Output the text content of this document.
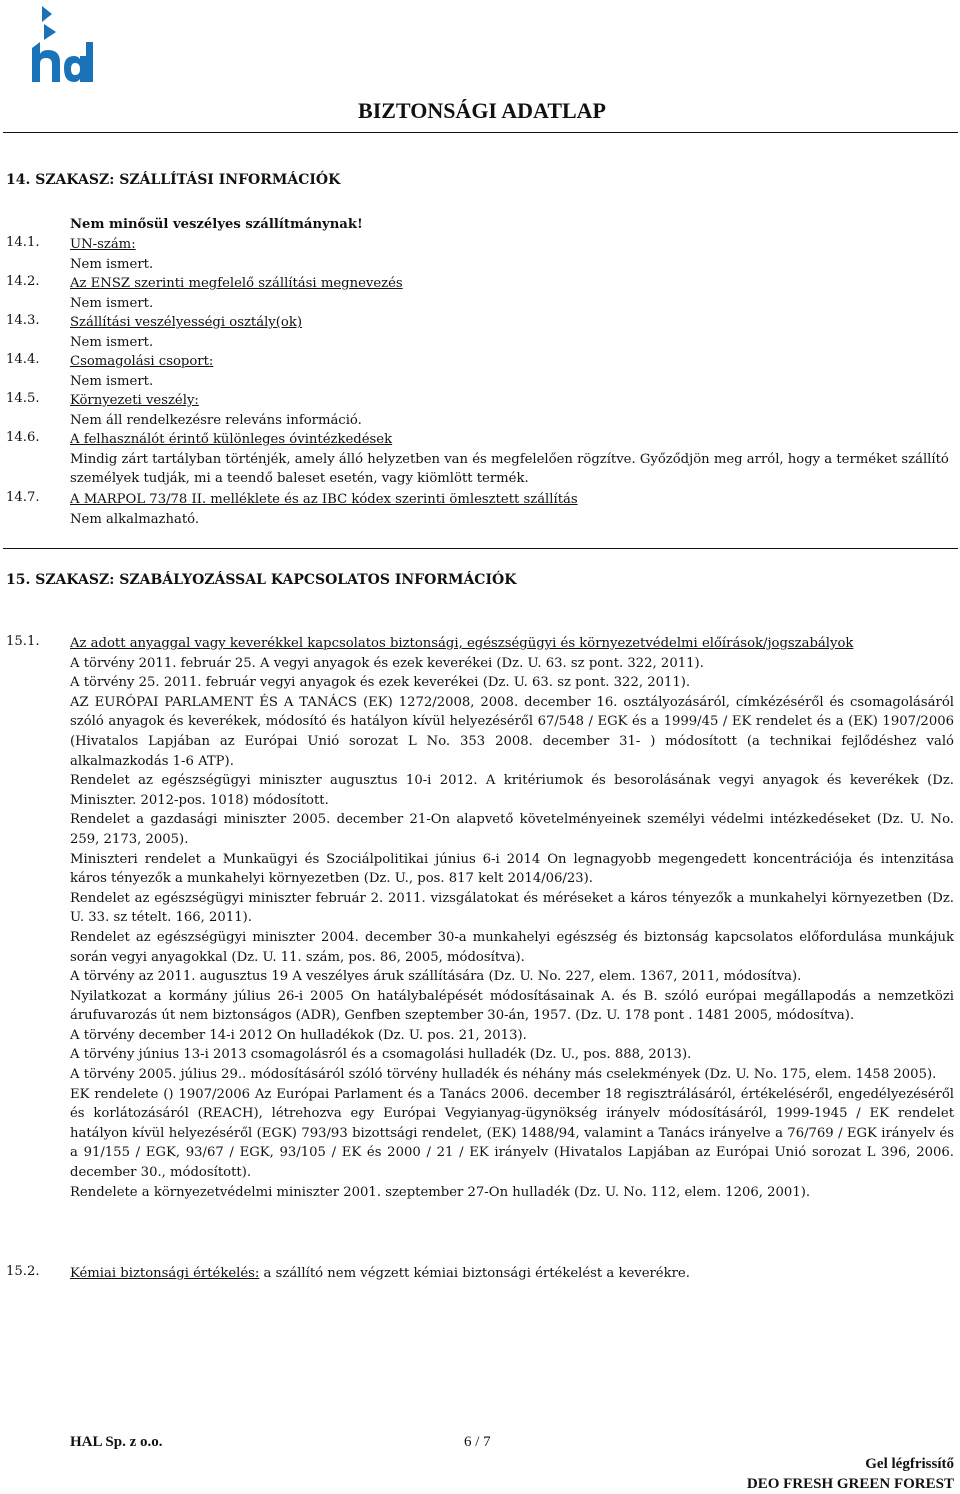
BIZTONSÁGI ADATLAP
14. SZAKASZ: SZÁLLÍTÁSI INFORMÁCIÓK
Nem minősül veszélyes szállítmánynak!
14.1.	UN-szám:
Nem ismert.
14.2.	Az ENSZ szerinti megfelelő szállítási megnevezés
Nem ismert.
14.3.	Szállítási veszélyességi osztály(ok)
Nem ismert.
14.4.	Csomagolási csoport:
Nem ismert.
14.5.	Környezeti veszély:
Nem áll rendelkezésre releváns információ.
14.6.	A felhasználót érintő különleges óvintézkedések
Mindig zárt tartályban történjék, amely álló helyzetben van és megfelelően rögzítve. Győződjön meg arról, hogy a terméket szállító személyek tudják, mi a teendő baleset esetén, vagy kiömlött termék.
14.7.	A MARPOL 73/78 II. melléklete és az IBC kódex szerinti ömlesztett szállítás
Nem alkalmazható.
15. SZAKASZ: SZABÁLYOZÁSSAL KAPCSOLATOS INFORMÁCIÓK
15.1.	Az adott anyaggal vagy keverékkel kapcsolatos biztonsági, egészségügyi és környezetvédelmi előírások/jogszabályok
A törvény 2011. február 25. A vegyi anyagok és ezek keverékei (Dz. U. 63. sz pont. 322, 2011).
A törvény 25. 2011. február vegyi anyagok és ezek keverékei (Dz. U. 63. sz pont. 322, 2011).
AZ EURÓPAI PARLAMENT ÉS A TANÁCS (EK) 1272/2008, 2008. december 16. osztályozásáról, címkézéséről és csomagolásáról szóló anyagok és keverékek, módosító és hatályon kívül helyezéséről 67/548 / EGK és a 1999/45 / EK rendelet és a (EK) 1907/2006 (Hivatalos Lapjában az Európai Unió sorozat L No. 353 2008. december 31- ) módosított (a technikai fejlődéshez való alkalmazkodás 1-6 ATP).
Rendelet az egészségügyi miniszter augusztus 10-i 2012. A kritériumok és besorolásának vegyi anyagok és keverékek (Dz. Miniszter. 2012-pos. 1018) módosított.
Rendelet a gazdasági miniszter 2005. december 21-On alapvető követelményeinek személyi védelmi intézkedéseket (Dz. U. No. 259, 2173, 2005).
Miniszteri rendelet a Munkaügyi és Szociálpolitikai június 6-i 2014 On legnagyobb megengedett koncentrációja és intenzitása káros tényezők a munkahelyi környezetben (Dz. U., pos. 817 kelt 2014/06/23).
Rendelet az egészségügyi miniszter február 2. 2011. vizsgálatokat és méréseket a káros tényezők a munkahelyi környezetben (Dz. U. 33. sz tételt. 166, 2011).
Rendelet az egészségügyi miniszter 2004. december 30-a munkahelyi egészség és biztonság kapcsolatos előfordulása munkájuk során vegyi anyagokkal (Dz. U. 11. szám, pos. 86, 2005, módosítva).
A törvény az 2011. augusztus 19 A veszélyes áruk szállítására (Dz. U. No. 227, elem. 1367, 2011, módosítva).
Nyilatkozat a kormány július 26-i 2005 On hatálybalépését módosításainak A. és B. szóló európai megállapodás a nemzetközi árufuvarozás út nem biztonságos (ADR), Genfben szeptember 30-án, 1957. (Dz. U. 178 pont . 1481 2005, módosítva).
A törvény december 14-i 2012 On hulladékok (Dz. U. pos. 21, 2013).
A törvény június 13-i 2013 csomagolásról és a csomagolási hulladék (Dz. U., pos. 888, 2013).
A törvény 2005. július 29.. módosításáról szóló törvény hulladék és néhány más cselekmények (Dz. U. No. 175, elem. 1458 2005).
EK rendelete () 1907/2006 Az Európai Parlament és a Tanács 2006. december 18 regisztrálásáról, értékeléséről, engedélyezéséről és korlátozásáról (REACH), létrehozva egy Európai Vegyianyag-ügynökség irányelv módosításáról, 1999-1945 / EK rendelet hatályon kívül helyezéséről (EGK) 793/93 bizottsági rendelet, (EK) 1488/94, valamint a Tanács irányelve a 76/769 / EGK irányelv és a 91/155 / EGK, 93/67 / EGK, 93/105 / EK és 2000 / 21 / EK irányelv (Hivatalos Lapjában az Európai Unió sorozat L 396, 2006. december 30., módosított).
Rendelete a környezetvédelmi miniszter 2001. szeptember 27-On hulladék (Dz. U. No. 112, elem. 1206, 2001).
15.2.	Kémiai biztonsági értékelés: a szállító nem végzett kémiai biztonsági értékelést a keverékre.
HAL Sp. z o.o.	6 / 7
Gel légfrissítő
DEO FRESH GREEN FOREST
